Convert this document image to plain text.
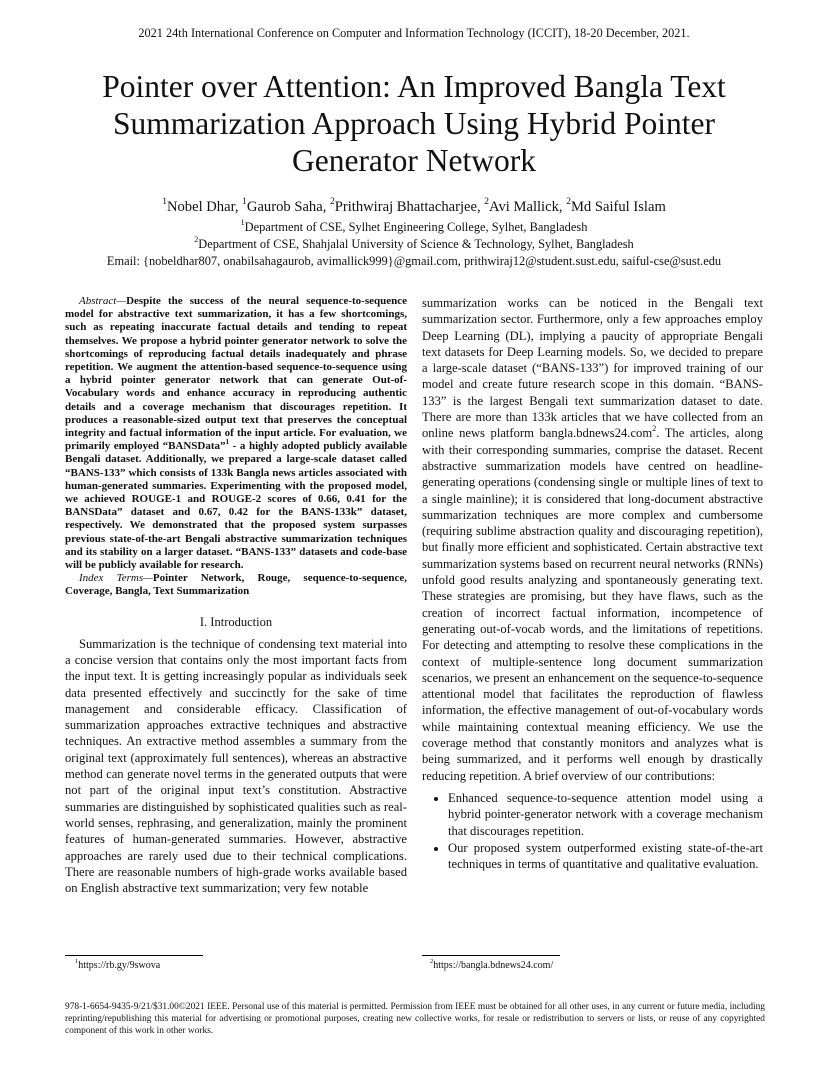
2021 24th International Conference on Computer and Information Technology (ICCIT), 18-20 December, 2021.
Pointer over Attention: An Improved Bangla Text
Summarization Approach Using Hybrid Pointer
Generator Network
$^1$Nobel Dhar, $^1$Gaurob Saha, $^2$Prithwiraj Bhattacharjee, $^2$Avi Mallick, $^2$Md Saiful Islam
$^1$Department of CSE, Sylhet Engineering College, Sylhet, Bangladesh
$^2$Department of CSE, Shahjalal University of Science & Technology, Sylhet, Bangladesh
Email: {nobeldhar807, onabilsahagaurob, avimallick999}@gmail.com, prithwiraj12@student.sust.edu, saiful-cse@sust.edu

Abstract—Despite the success of the neural sequence-to-sequence model for abstractive text summarization, it has a few shortcomings, such as repeating inaccurate factual details and tending to repeat themselves. We propose a hybrid pointer generator network to solve the shortcomings of reproducing factual details inadequately and phrase repetition. We augment the attention-based sequence-to-sequence using a hybrid pointer generator network that can generate Out-of-Vocabulary words and enhance accuracy in reproducing authentic details and a coverage mechanism that discourages repetition. It produces a reasonable-sized output text that preserves the conceptual integrity and factual information of the input article. For evaluation, we primarily employed “BANSData”$^1$ - a highly adopted publicly available Bengali dataset. Additionally, we prepared a large-scale dataset called “BANS-133” which consists of 133k Bangla news articles associated with human-generated summaries. Experimenting with the proposed model, we achieved ROUGE-1 and ROUGE-2 scores of 0.66, 0.41 for the BANSData” dataset and 0.67, 0.42 for the BANS-133k” dataset, respectively. We demonstrated that the proposed system surpasses previous state-of-the-art Bengali abstractive summarization techniques and its stability on a larger dataset. “BANS-133” datasets and code-base will be publicly available for research.

Index Terms—Pointer Network, Rouge, sequence-to-sequence, Coverage, Bangla, Text Summarization

I. Introduction

Summarization is the technique of condensing text material into a concise version that contains only the most important facts from the input text. It is getting increasingly popular as individuals seek data presented effectively and succinctly for the sake of time management and considerable efficacy. Classification of summarization approaches extractive techniques and abstractive techniques. An extractive method assembles a summary from the original text (approximately full sentences), whereas an abstractive method can generate novel terms in the generated outputs that were not part of the original input text’s constitution. Abstractive summaries are distinguished by sophisticated qualities such as real-world senses, rephrasing, and generalization, mainly the prominent features of human-generated summaries. However, abstractive approaches are rarely used due to their technical complications. There are reasonable numbers of high-grade works available based on English abstractive text summarization; very few notable

summarization works can be noticed in the Bengali text summarization sector. Furthermore, only a few approaches employ Deep Learning (DL), implying a paucity of appropriate Bengali text datasets for Deep Learning models. So, we decided to prepare a large-scale dataset (“BANS-133”) for improved training of our model and create future research scope in this domain. “BANS-133” is the largest Bengali text summarization dataset to date. There are more than 133k articles that we have collected from an online news platform bangla.bdnews24.com$^2$. The articles, along with their corresponding summaries, comprise the dataset. Recent abstractive summarization models have centred on headline-generating operations (condensing single or multiple lines of text to a single mainline); it is considered that long-document abstractive summarization techniques are more complex and cumbersome (requiring sublime abstraction quality and discouraging repetition), but finally more efficient and sophisticated. Certain abstractive text summarization systems based on recurrent neural networks (RNNs) unfold good results analyzing and spontaneously generating text. These strategies are promising, but they have flaws, such as the creation of incorrect factual information, incompetence of generating out-of-vocab words, and the limitations of repetitions. For detecting and attempting to resolve these complications in the context of multiple-sentence long document summarization scenarios, we present an enhancement on the sequence-to-sequence attentional model that facilitates the reproduction of flawless information, the effective management of out-of-vocabulary words while maintaining contextual meaning efficiency. We use the coverage method that constantly monitors and analyzes what is being summarized, and it performs well enough by drastically reducing repetition. A brief overview of our contributions:

• Enhanced sequence-to-sequence attention model using a hybrid pointer-generator network with a coverage mechanism that discourages repetition.
• Our proposed system outperformed existing state-of-the-art techniques in terms of quantitative and qualitative evaluation.
$^1$https://rb.gy/9swova	$^2$https://bangla.bdnews24.com/
978-1-6654-9435-9/21/$31.00©2021 IEEE. Personal use of this material is permitted. Permission from IEEE must be obtained for all other uses, in any current or future media, including reprinting/republishing this material for advertising or promotional purposes, creating new collective works, for resale or redistribution to servers or lists, or reuse of any copyrighted component of this work in other works.
